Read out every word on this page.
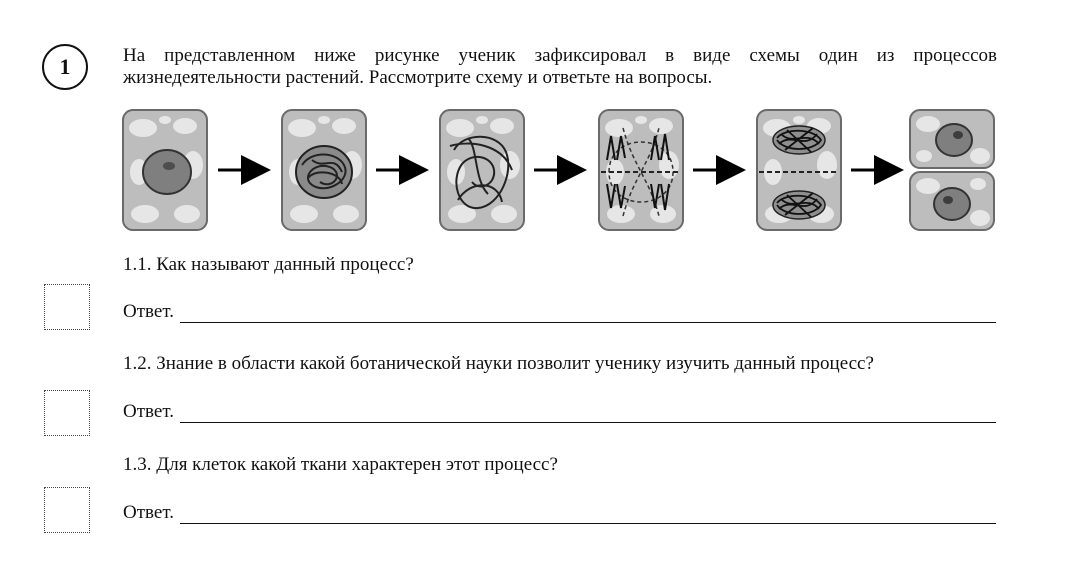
1	На представленном ниже рисунке ученик зафиксировал в виде схемы один из процессов жизнедеятельности растений. Рассмотрите схему и ответьте на вопросы.

1.1. Как называют данный процесс?

Ответ.

1.2. Знание в области какой ботанической науки позволит ученику изучить данный процесс?

Ответ.

1.3. Для клеток какой ткани характерен этот процесс?

Ответ.
